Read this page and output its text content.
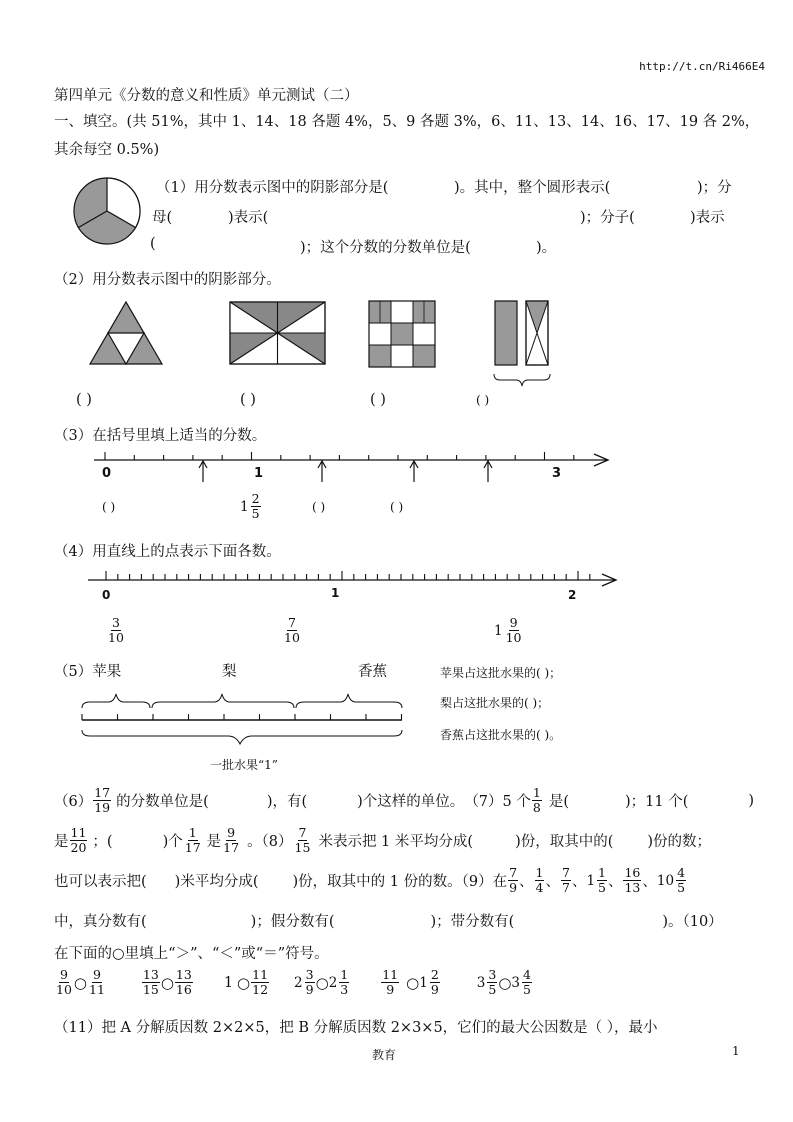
http://t.cn/Ri466E4
第四单元《分数的意义和性质》单元测试（二）
一、填空。(共 51%，其中 1、14、18 各题 4%，5、9 各题 3%，6、11、13、14、16、17、19 各 2%，
其余每空 0.5%)
（1）用分数表示图中的阴影部分是(	)。其中，整个圆形表示(	)；分
母(	)表示(	)；分子(	)表示
(	)；这个分数的分数单位是(	)。
（2）用分数表示图中的阴影部分。
( )	( )	( )	( )
（3）在括号里填上适当的分数。
0	1	3
( )	$1 \frac{2}{5}$	( )	( )
（4）用直线上的点表示下面各数。
0	1	2
$\frac{3}{10}$	$\frac{7}{10}$	$1 \frac{9}{10}$
（5）苹果	梨	香蕉
一批水果“1”
苹果占这批水果的( )；
梨占这批水果的( )；
香蕉占这批水果的( )。
$(6) \frac{17}{19}$ 的分数单位是(	)，有(	)个这样的单位。 （7）5 个 $\frac{1}{8}$ 是(	)；11 个(	)
是 $\frac{11}{20}$ ；(	)个 $\frac{1}{17}$ 是 $\frac{9}{17}$ 。$(8) \frac{7}{15}$ 米表示把 1 米平均分成(	)份，取其中的( )份的数；
也可以表示把( )米平均分成( )份，取其中的 1 份的数。（9）在 $\frac{7}{9}$ 、 $\frac{1}{4}$ 、 $\frac{7}{7}$ 、 $1 \frac{1}{5}$ 、 $\frac{16}{13}$ 、 $10 \frac{4}{5}$
中，真分数有(	)；假分数有(	)；带分数有(	)。（10）
在下面的○里填上“＞”、“＜”或“＝”符号。
$\frac{9}{10}$ ○ $\frac{9}{11}$	$\frac{13}{15}$ ○ $\frac{13}{16} 1$ ○ $\frac{11}{12} 2 \frac{3}{9}$ ○ $2 \frac{1}{3}$	$\frac{11}{9}$ ○ $1 \frac{2}{9}$	$3 \frac{3}{5}$ ○ $3 \frac{4}{5}$
（11）把 A 分解质因数 2×2×5，把 B 分解质因数 2×3×5，它们的最大公因数是（ ），最小
教育	1
